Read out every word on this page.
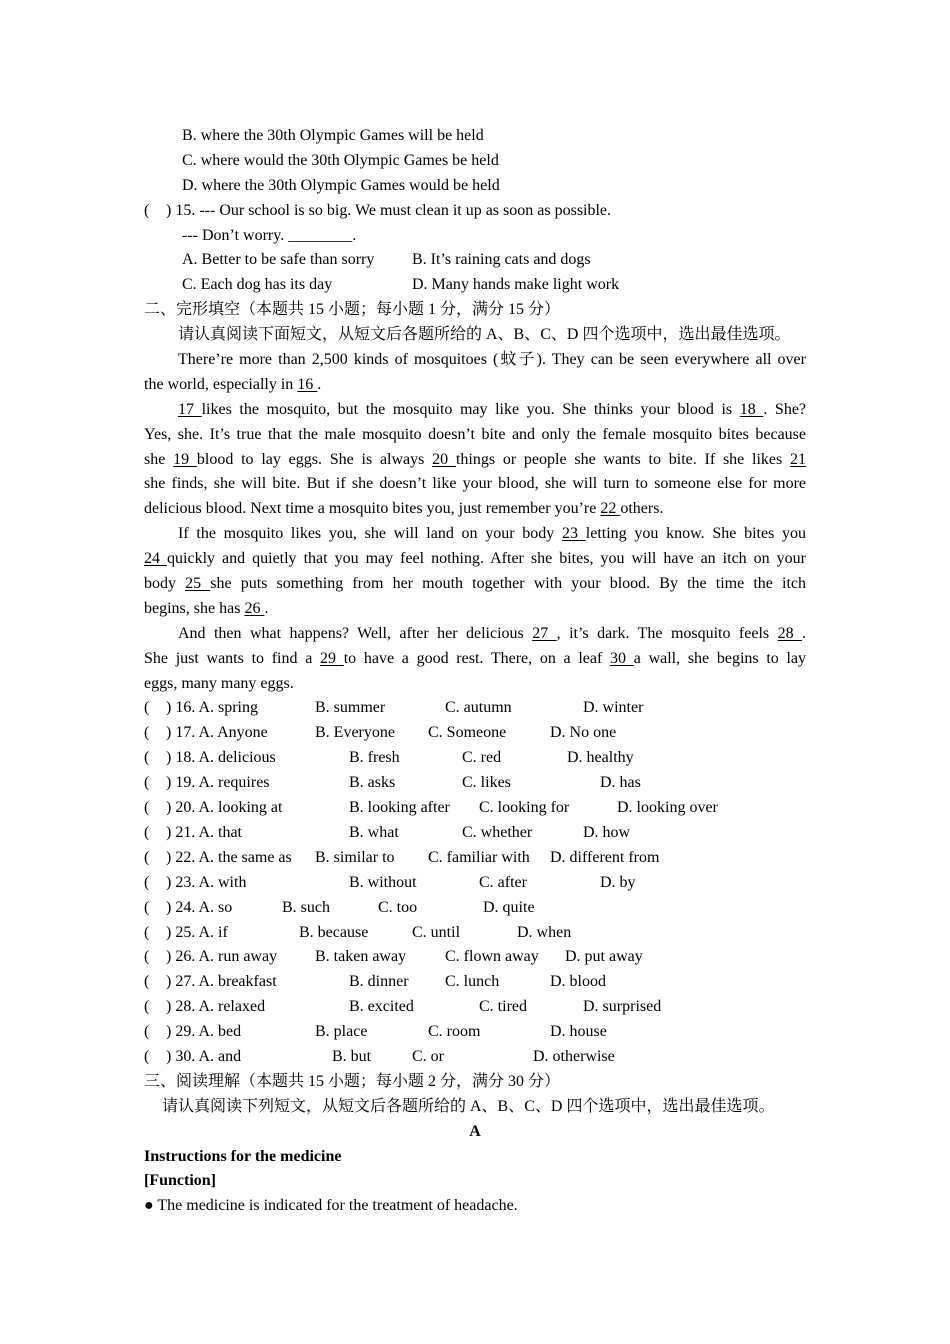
B. where the 30th Olympic Games will be held
C. where would the 30th Olympic Games be held
D. where the 30th Olympic Games would be held
( ) 15. --- Our school is so big. We must clean it up as soon as possible.
--- Don’t worry. ________.
A. Better to be safe than sorry B. It’s raining cats and dogs
C. Each dog has its day	D. Many hands make light work
二、完形填空（本题共 15 小题；每小题 1 分，满分 15 分）
请认真阅读下面短文，从短文后各题所给的 A、B、C、D 四个选项中，选出最佳选项。
There’re more than 2,500 kinds of mosquitoes (蚊子). They can be seen everywhere all over
the world, especially in 16 .
17 likes the mosquito, but the mosquito may like you. She thinks your blood is 18 . She?
Yes, she. It’s true that the male mosquito doesn’t bite and only the female mosquito bites because
she 19 blood to lay eggs. She is always 20 things or people she wants to bite. If she likes 21
she finds, she will bite. But if she doesn’t like your blood, she will turn to someone else for more
delicious blood. Next time a mosquito bites you, just remember you’re 22 others.
If the mosquito likes you, she will land on your body 23 letting you know. She bites you
24 quickly and quietly that you may feel nothing. After she bites, you will have an itch on your
body 25 she puts something from her mouth together with your blood. By the time the itch
begins, she has 26 .
And then what happens? Well, after her delicious 27 , it’s dark. The mosquito feels 28 .
She just wants to find a 29 to have a good rest. There, on a leaf 30 a wall, she begins to lay
eggs, many many eggs.
( ) 16. A. spring	B. summer	C. autumn	D. winter
( ) 17. A. Anyone	B. Everyone C. Someone	D. No one
( ) 18. A. delicious	B. fresh	C. red	D. healthy
( ) 19. A. requires	B. asks	C. likes	D. has
( ) 20. A. looking at	B. looking after C. looking for	D. looking over
( ) 21. A. that	B. what	C. whether	D. how
( ) 22. A. the same as B. similar to C. familiar with D. different from
( ) 23. A. with	B. without	C. after	D. by
( ) 24. A. so	B. such	C. too	D. quite
( ) 25. A. if	B. because	C. until	D. when
( ) 26. A. run away B. taken away C. flown away D. put away
( ) 27. A. breakfast	B. dinner C. lunch	D. blood
( ) 28. A. relaxed	B. excited	C. tired	D. surprised
( ) 29. A. bed	B. place	C. room	D. house
( ) 30. A. and	B. but	C. or	D. otherwise
三、阅读理解（本题共 15 小题；每小题 2 分，满分 30 分）
请认真阅读下列短文，从短文后各题所给的 A、B、C、D 四个选项中，选出最佳选项。
A
Instructions for the medicine
[Function]
● The medicine is indicated for the treatment of headache.
